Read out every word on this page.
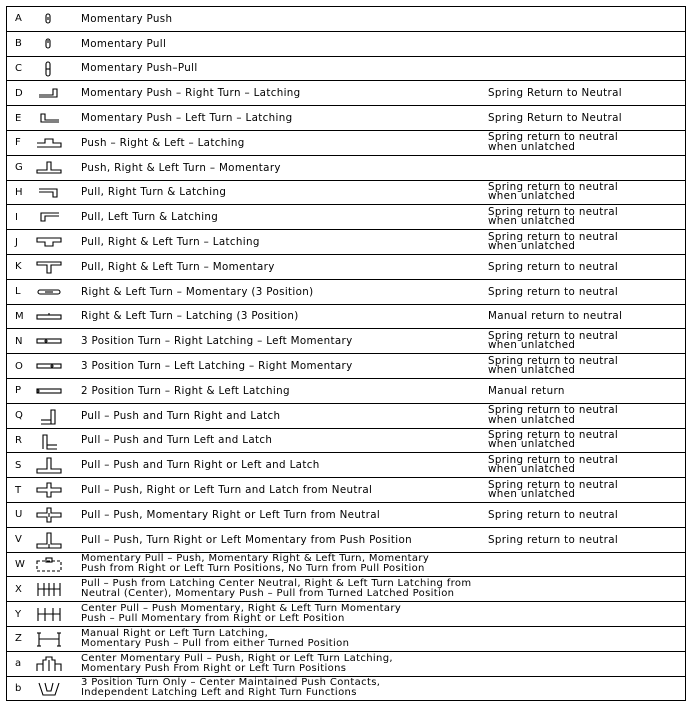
A	Momentary Push
B	Momentary Pull
C	Momentary Push–Pull
D	Momentary Push – Right Turn – Latching	Spring Return to Neutral
E	Momentary Push – Left Turn – Latching	Spring Return to Neutral
F	Push – Right & Left – Latching	Spring return to neutral
when unlatched
G	Push, Right & Left Turn – Momentary
H	Pull, Right Turn & Latching	Spring return to neutral
when unlatched
I	Pull, Left Turn & Latching	Spring return to neutral
when unlatched
J	Pull, Right & Left Turn – Latching	Spring return to neutral
when unlatched
K	Pull, Right & Left Turn – Momentary	Spring return to neutral
L	Right & Left Turn – Momentary (3 Position)	Spring return to neutral
M	Right & Left Turn – Latching (3 Position)	Manual return to neutral
N	3 Position Turn – Right Latching – Left Momentary	Spring return to neutral
when unlatched
O	3 Position Turn – Left Latching – Right Momentary	Spring return to neutral
when unlatched
P	2 Position Turn – Right & Left Latching	Manual return
Q	Pull – Push and Turn Right and Latch	Spring return to neutral
when unlatched
R	Pull – Push and Turn Left and Latch	Spring return to neutral
when unlatched
S	Pull – Push and Turn Right or Left and Latch	Spring return to neutral
when unlatched
T	Pull – Push, Right or Left Turn and Latch from Neutral	Spring return to neutral
when unlatched
U	Pull – Push, Momentary Right or Left Turn from Neutral	Spring return to neutral
V	Pull – Push, Turn Right or Left Momentary from Push Position	Spring return to neutral
W	Momentary Pull – Push, Momentary Right & Left Turn, Momentary
Push from Right or Left Turn Positions, No Turn from Pull Position
X	Pull – Push from Latching Center Neutral, Right & Left Turn Latching from
Neutral (Center), Momentary Push – Pull from Turned Latched Position
Y	Center Pull – Push Momentary, Right & Left Turn Momentary
Push – Pull Momentary from Right or Left Position
Z	Manual Right or Left Turn Latching,
Momentary Push – Pull from either Turned Position
a	Center Momentary Pull – Push, Right or Left Turn Latching,
Momentary Push From Right or Left Turn Positions
b	3 Position Turn Only – Center Maintained Push Contacts,
Independent Latching Left and Right Turn Functions
